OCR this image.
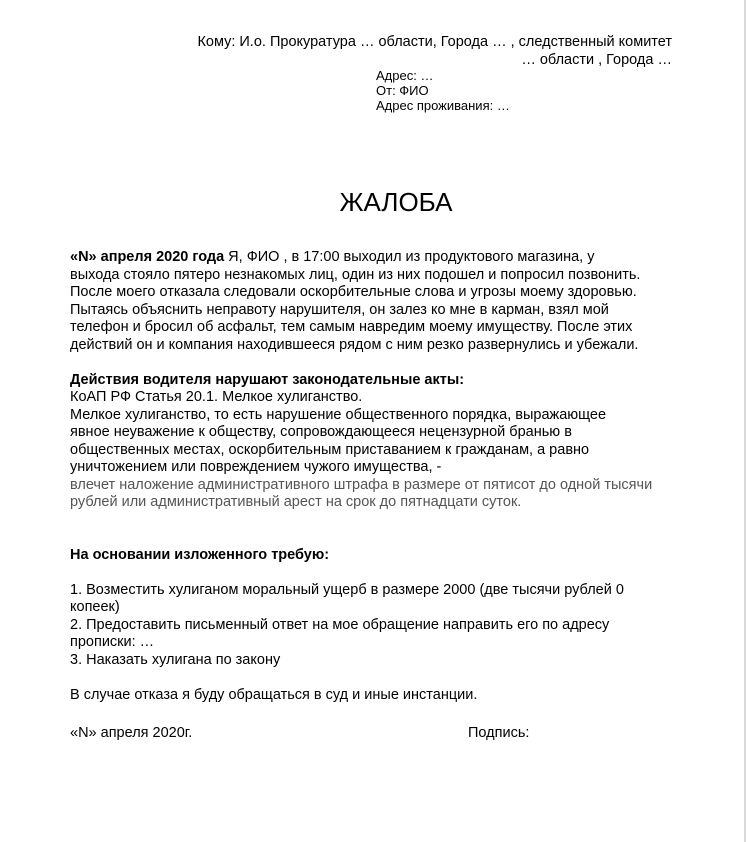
Кому: И.о. Прокуратура … области, Города … , следственный комитет
… области , Города …
Адрес: …
От: ФИО
Адрес проживания: …
ЖАЛОБА
«N» апреля 2020 года Я, ФИО , в 17:00 выходил из продуктового магазина, у
выхода стояло пятеро незнакомых лиц, один из них подошел и попросил позвонить.
После моего отказала следовали оскорбительные слова и угрозы моему здоровью.
Пытаясь объяснить неправоту нарушителя, он залез ко мне в карман, взял мой
телефон и бросил об асфальт, тем самым навредим моему имуществу. После этих
действий он и компания находившееся рядом с ним резко развернулись и убежали.
Действия водителя нарушают законодательные акты:
КоАП РФ Статья 20.1. Мелкое хулиганство.
Мелкое хулиганство, то есть нарушение общественного порядка, выражающее
явное неуважение к обществу, сопровождающееся нецензурной бранью в
общественных местах, оскорбительным приставанием к гражданам, а равно
уничтожением или повреждением чужого имущества, -
влечет наложение административного штрафа в размере от пятисот до одной тысячи
рублей или административный арест на срок до пятнадцати суток.
На основании изложенного требую:
1. Возместить хулиганом моральный ущерб в размере 2000 (две тысячи рублей 0
копеек)
2. Предоставить письменный ответ на мое обращение направить его по адресу
прописки: …
3. Наказать хулигана по закону
В случае отказа я буду обращаться в суд и иные инстанции.
«N» апреля 2020г.	Подпись:
